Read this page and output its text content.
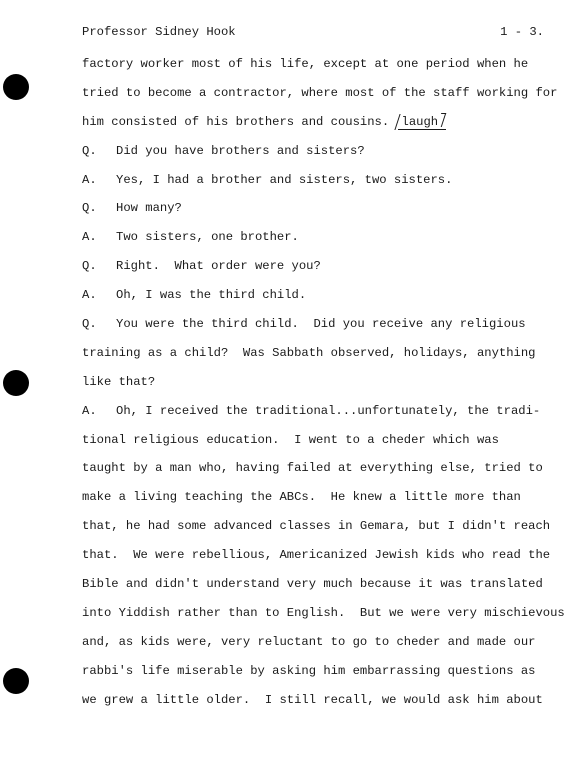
Professor Sidney Hook	1 - 3.
factory worker most of his life, except at one period when he
tried to become a contractor, where most of the staff working for
him consisted of his brothers and cousins. laugh
Q. Did you have brothers and sisters?
A. Yes, I had a brother and sisters, two sisters.
Q. How many?
A. Two sisters, one brother.
Q. Right.  What order were you?
A. Oh, I was the third child.
Q. You were the third child.  Did you receive any religious
training as a child?  Was Sabbath observed, holidays, anything
like that?
A. Oh, I received the traditional...unfortunately, the tradi-
tional religious education.  I went to a cheder which was
taught by a man who, having failed at everything else, tried to
make a living teaching the ABCs.  He knew a little more than
that, he had some advanced classes in Gemara, but I didn't reach
that.  We were rebellious, Americanized Jewish kids who read the
Bible and didn't understand very much because it was translated
into Yiddish rather than to English.  But we were very mischievous
and, as kids were, very reluctant to go to cheder and made our
rabbi's life miserable by asking him embarrassing questions as
we grew a little older.  I still recall, we would ask him about
